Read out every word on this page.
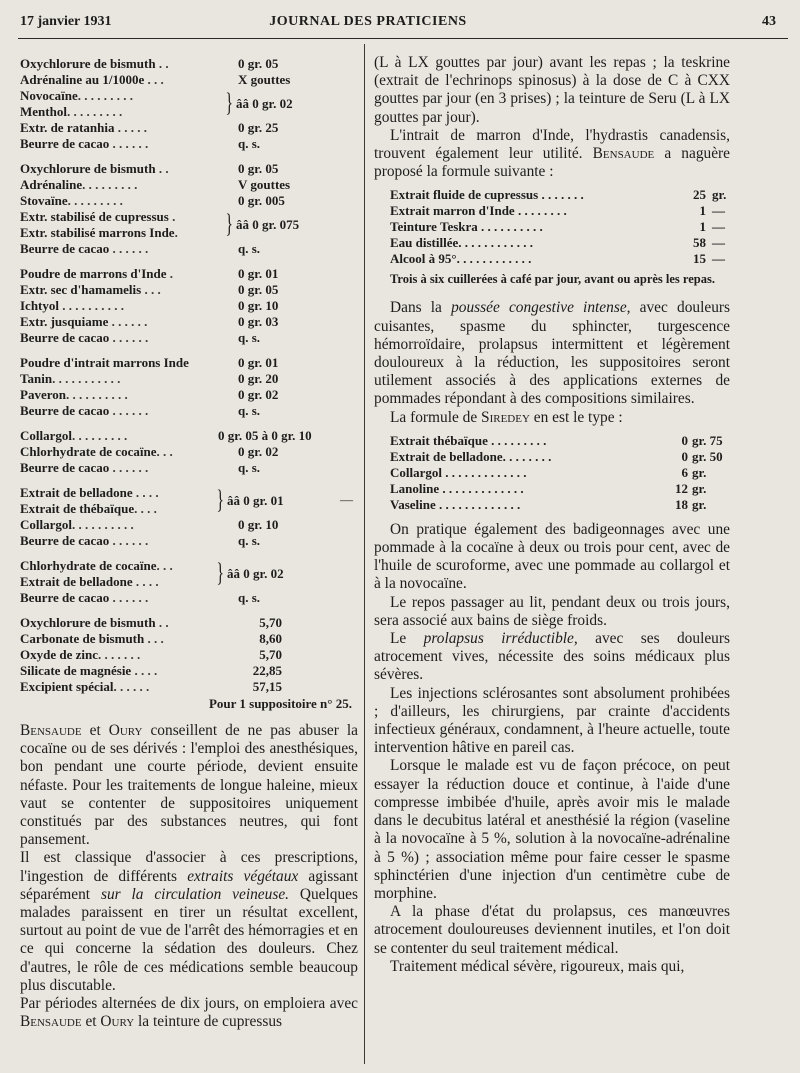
17 janvier 1931	JOURNAL DES PRATICIENS	43
Oxychlorure de bismuth . .	0 gr. 05
Adrénaline au 1/1000e . . .	X gouttes
Novocaïne. . . . . . . . .
Menthol. . . . . . . . .	} ââ 0 gr. 02
Extr. de ratanhia . . . . .	0 gr. 25
Beurre de cacao . . . . . .	q. s.
Oxychlorure de bismuth . .	0 gr. 05
Adrénaline. . . . . . . . .	V gouttes
Stovaïne. . . . . . . . .	0 gr. 005
Extr. stabilisé de cupressus .
Extr. stabilisé marrons Inde.	} ââ 0 gr. 075
Beurre de cacao . . . . . .	q. s.
Poudre de marrons d'Inde .	0 gr. 01
Extr. sec d'hamamelis . . .	0 gr. 05
Ichtyol . . . . . . . . . .	0 gr. 10
Extr. jusquiame . . . . . .	0 gr. 03
Beurre de cacao . . . . . .	q. s.
Poudre d'intrait marrons Inde	0 gr. 01
Tanin. . . . . . . . . . .	0 gr. 20
Paveron. . . . . . . . . .	0 gr. 02
Beurre de cacao . . . . . .	q. s.
Collargol. . . . . . . . .	0 gr. 05 à 0 gr. 10
Chlorhydrate de cocaïne. . .	0 gr. 02
Beurre de cacao . . . . . .	q. s.
Extrait de belladone . . . .
Extrait de thébaïque. . . .	} ââ 0 gr. 01	—
Collargol. . . . . . . . . .	0 gr. 10
Beurre de cacao . . . . . .	q. s.
Chlorhydrate de cocaïne. . .
Extrait de belladone . . . .	} ââ 0 gr. 02
Beurre de cacao . . . . . .	q. s.
Oxychlorure de bismuth . .	5,70
Carbonate de bismuth . . .	8,60
Oxyde de zinc. . . . . . .	5,70
Silicate de magnésie . . . .	22,85
Excipient spécial. . . . . .	57,15
Pour 1 suppositoire n° 25.

Bensaude et Oury conseillent de ne pas abuser la cocaïne ou de ses dérivés : l'emploi des anesthésiques, bon pendant une courte période, devient ensuite néfaste. Pour les traitements de longue haleine, mieux vaut se contenter de suppositoires uniquement constitués par des substances neutres, qui font pansement.

Il est classique d'associer à ces prescriptions, l'ingestion de différents extraits végétaux agissant séparément sur la circulation veineuse. Quelques malades paraissent en tirer un résultat excellent, surtout au point de vue de l'arrêt des hémorragies et en ce qui concerne la sédation des douleurs. Chez d'autres, le rôle de ces médications semble beaucoup plus discutable.

Par périodes alternées de dix jours, on emploiera avec Bensaude et Oury la teinture de cupressus

(L à LX gouttes par jour) avant les repas ; la teskrine (extrait de l'echrinops spinosus) à la dose de C à CXX gouttes par jour (en 3 prises) ; la teinture de Seru (L à LX gouttes par jour).

L'intrait de marron d'Inde, l'hydrastis canadensis, trouvent également leur utilité. Bensaude a naguère proposé la formule suivante :

Extrait fluide de cupressus . . . . . . .	25 gr.
Extrait marron d'Inde . . . . . . . .	1 —
Teinture Teskra . . . . . . . . . .	1 —
Eau distillée. . . . . . . . . . . .	58 —
Alcool à 95°. . . . . . . . . . . .	15 —
Trois à six cuillerées à café par jour, avant ou après les repas.

Dans la poussée congestive intense, avec douleurs cuisantes, spasme du sphincter, turgescence hémorroïdaire, prolapsus intermittent et légèrement douloureux à la réduction, les suppositoires seront utilement associés à des applications externes de pommades répondant à des compositions similaires.

La formule de Siredey en est le type :

Extrait thébaïque . . . . . . . . .	0 gr. 75
Extrait de belladone. . . . . . . .	0 gr. 50
Collargol . . . . . . . . . . . . .	6 gr.
Lanoline . . . . . . . . . . . . .	12 gr.
Vaseline . . . . . . . . . . . . .	18 gr.

On pratique également des badigeonnages avec une pommade à la cocaïne à deux ou trois pour cent, avec de l'huile de scuroforme, avec une pommade au collargol et à la novocaïne.

Le repos passager au lit, pendant deux ou trois jours, sera associé aux bains de siège froids.

Le prolapsus irréductible, avec ses douleurs atrocement vives, nécessite des soins médicaux plus sévères.

Les injections sclérosantes sont absolument prohibées ; d'ailleurs, les chirurgiens, par crainte d'accidents infectieux généraux, condamnent, à l'heure actuelle, toute intervention hâtive en pareil cas.

Lorsque le malade est vu de façon précoce, on peut essayer la réduction douce et continue, à l'aide d'une compresse imbibée d'huile, après avoir mis le malade dans le decubitus latéral et anesthésié la région (vaseline à la novocaïne à 5 %, solution à la novocaïne-adrénaline à 5 %) ; association même pour faire cesser le spasme sphinctérien d'une injection d'un centimètre cube de morphine.

A la phase d'état du prolapsus, ces manœuvres atrocement douloureuses deviennent inutiles, et l'on doit se contenter du seul traitement médical.

Traitement médical sévère, rigoureux, mais qui,
